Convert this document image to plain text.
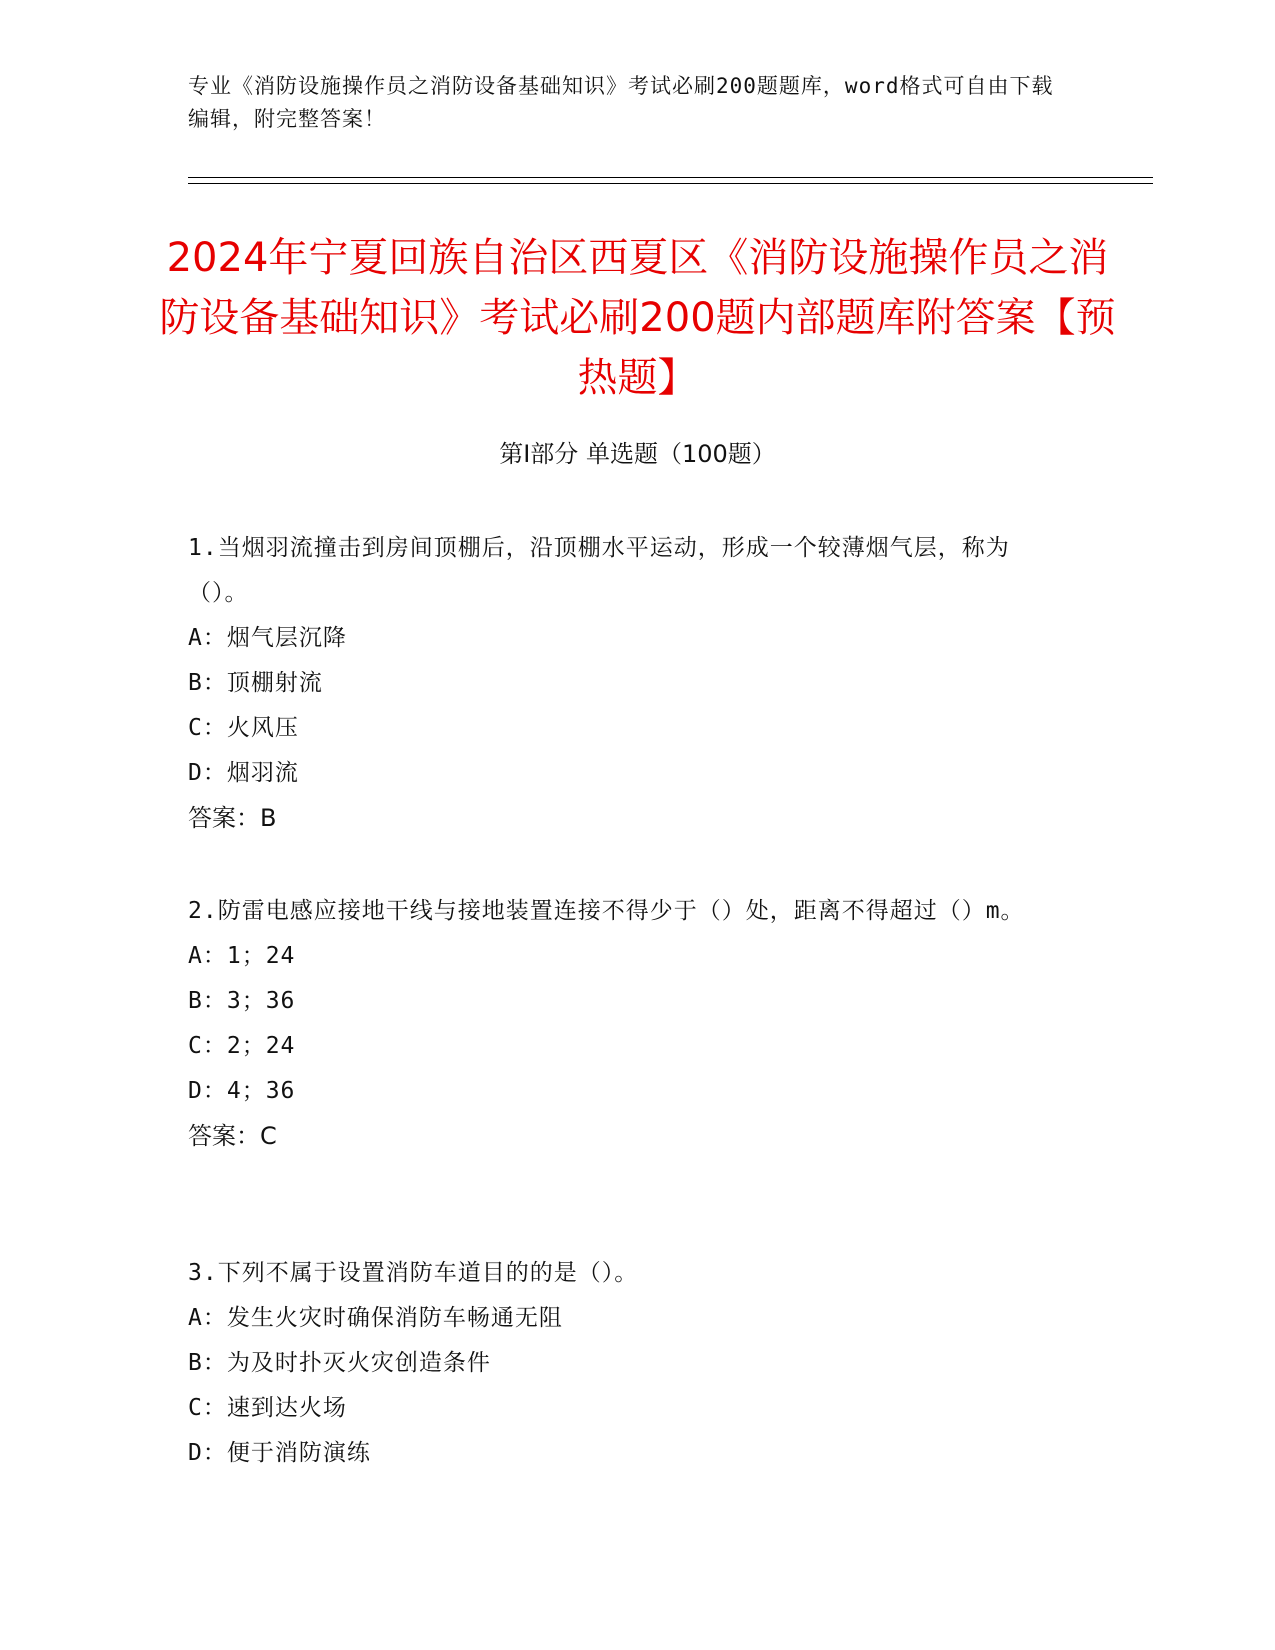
专业《消防设施操作员之消防设备基础知识》考试必刷200题题库，word格式可自由下载编辑，附完整答案！
2024年宁夏回族自治区西夏区《消防设施操作员之消防设备基础知识》考试必刷200题内部题库附答案【预热题】
第Ⅰ部分 单选题（100题）
1.当烟羽流撞击到房间顶棚后，沿顶棚水平运动，形成一个较薄烟气层，称为（）。
A：烟气层沉降
B：顶棚射流
C：火风压
D：烟羽流
答案：B
2.防雷电感应接地干线与接地装置连接不得少于（）处，距离不得超过（）m。
A：1；24
B：3；36
C：2；24
D：4；36
答案：C
3.下列不属于设置消防车道目的的是（）。
A：发生火灾时确保消防车畅通无阻
B：为及时扑灭火灾创造条件
C：速到达火场
D：便于消防演练
